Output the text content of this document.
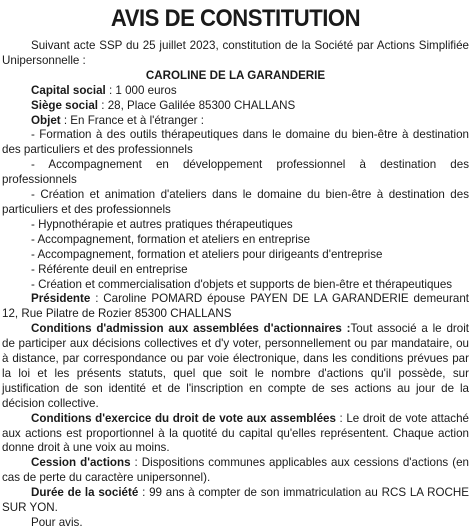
AVIS DE CONSTITUTION

Suivant acte SSP du 25 juillet 2023, constitution de la Société par Actions Simplifiée Unipersonnelle :

CAROLINE DE LA GARANDERIE

Capital social : 1 000 euros

Siège social : 28, Place Galilée 85300 CHALLANS

Objet : En France et à l'étranger :

- Formation à des outils thérapeutiques dans le domaine du bien-être à destination des particuliers et des professionnels

- Accompagnement en développement professionnel à destination des professionnels

- Création et animation d'ateliers dans le domaine du bien-être à destination des particuliers et des professionnels

- Hypnothérapie et autres pratiques thérapeutiques

- Accompagnement, formation et ateliers en entreprise

- Accompagnement, formation et ateliers pour dirigeants d'entreprise

- Référente deuil en entreprise

- Création et commercialisation d'objets et supports de bien-être et thérapeutiques

Présidente : Caroline POMARD épouse PAYEN DE LA GARANDERIE demeurant 12, Rue Pilatre de Rozier 85300 CHALLANS

Conditions d'admission aux assemblées d'actionnaires :Tout associé a le droit de participer aux décisions collectives et d'y voter, personnellement ou par mandataire, ou à distance, par correspondance ou par voie électronique, dans les conditions prévues par la loi et les présents statuts, quel que soit le nombre d'actions qu'il possède, sur justification de son identité et de l'inscription en compte de ses actions au jour de la décision collective.

Conditions d'exercice du droit de vote aux assemblées : Le droit de vote attaché aux actions est proportionnel à la quotité du capital qu'elles représentent. Chaque action donne droit à une voix au moins.

Cession d'actions : Dispositions communes applicables aux cessions d'actions (en cas de perte du caractère unipersonnel).

Durée de la société : 99 ans à compter de son immatriculation au RCS LA ROCHE SUR YON.

Pour avis.
